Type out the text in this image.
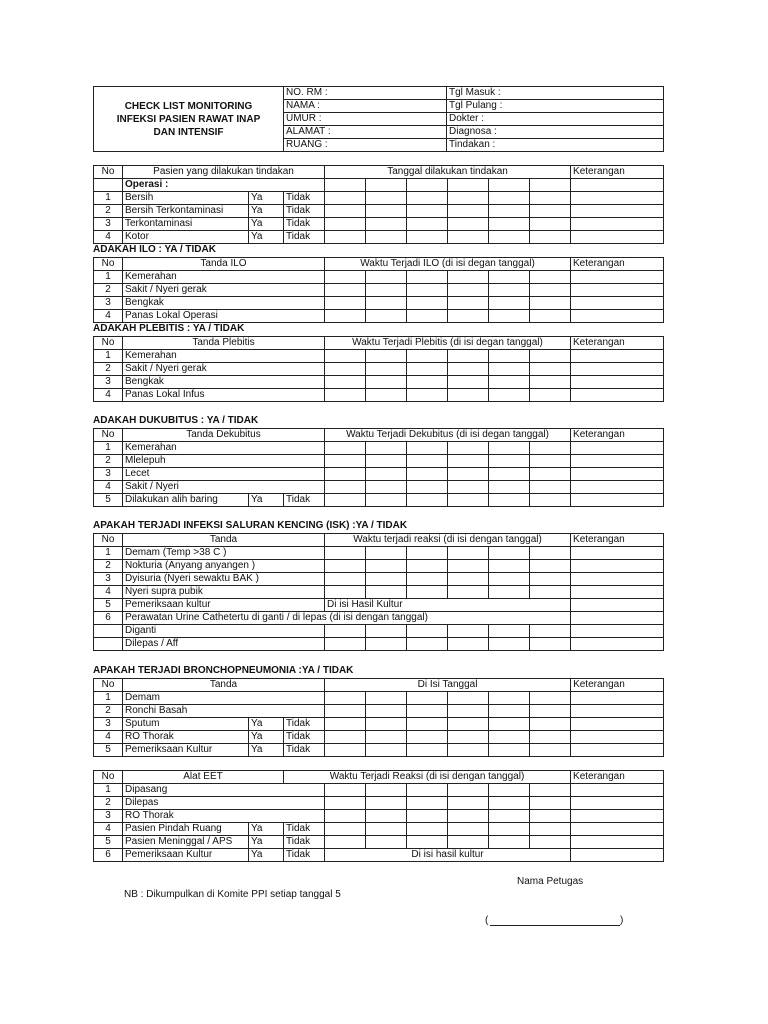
CHECK LIST MONITORING
INFEKSI PASIEN RAWAT INAP
DAN INTENSIF	NO. RM :	Tgl Masuk :
	NAMA :	Tgl Pulang :
	UMUR :	Dokter :
	ALAMAT :	Diagnosa :
	RUANG :	Tindakan :
No	Pasien yang dilakukan tindakan			Tanggal dilakukan tindakan						Keterangan
	Operasi :									
1	Bersih	Ya	Tidak							
2	Bersih Terkontaminasi	Ya	Tidak							
3	Terkontaminasi	Ya	Tidak							
4	Kotor	Ya	Tidak							
ADAKAH ILO : YA / TIDAK
No	Tanda ILO	Waktu Terjadi ILO (di isi degan tanggal)						Keterangan
1	Kemerahan							
2	Sakit / Nyeri gerak							
3	Bengkak							
4	Panas Lokal Operasi							
ADAKAH PLEBITIS : YA / TIDAK
No	Tanda Plebitis	Waktu Terjadi Plebitis (di isi degan tanggal)						Keterangan
1	Kemerahan							
2	Sakit / Nyeri gerak							
3	Bengkak							
4	Panas Lokal Infus							
ADAKAH DUKUBITUS : YA / TIDAK
No	Tanda Dekubitus			Waktu Terjadi Dekubitus (di isi degan tanggal)						Keterangan
1	Kemerahan									
2	Mlelepuh									
3	Lecet									
4	Sakit / Nyeri									
5	Dilakukan alih baring	Ya	Tidak							
APAKAH TERJADI INFEKSI SALURAN KENCING (ISK) :YA / TIDAK
No	Tanda	Waktu terjadi reaksi (di isi dengan tanggal)						Keterangan
1	Demam (Temp >38 C )							
2	Nokturia (Anyang anyangen )							
3	Dyisuria (Nyeri sewaktu BAK )							
4	Nyeri supra pubik							
5	Pemeriksaan kultur	Di isi Hasil Kultur						
6	Perawatan Urine Cathetertu di ganti / di lepas (di isi dengan tanggal)							
	Diganti							
	Dilepas / Aff							
APAKAH TERJADI BRONCHOPNEUMONIA :YA / TIDAK
No	Tanda			Di Isi Tanggal						Keterangan
1	Demam									
2	Ronchi Basah									
3	Sputum	Ya	Tidak							
4	RO Thorak	Ya	Tidak							
5	Pemeriksaan Kultur	Ya	Tidak							
No	Alat EET		Waktu Terjadi Reaksi (di isi dengan tanggal)							Keterangan
1	Dipasang									
2	Dilepas									
3	RO Thorak									
4	Pasien Pindah Ruang	Ya	Tidak							
5	Pasien Meninggal / APS	Ya	Tidak							
6	Pemeriksaan Kultur	Ya	Tidak	Di isi hasil kultur						
Nama Petugas
NB : Dikumpulkan di Komite PPI setiap tanggal 5
(	)
